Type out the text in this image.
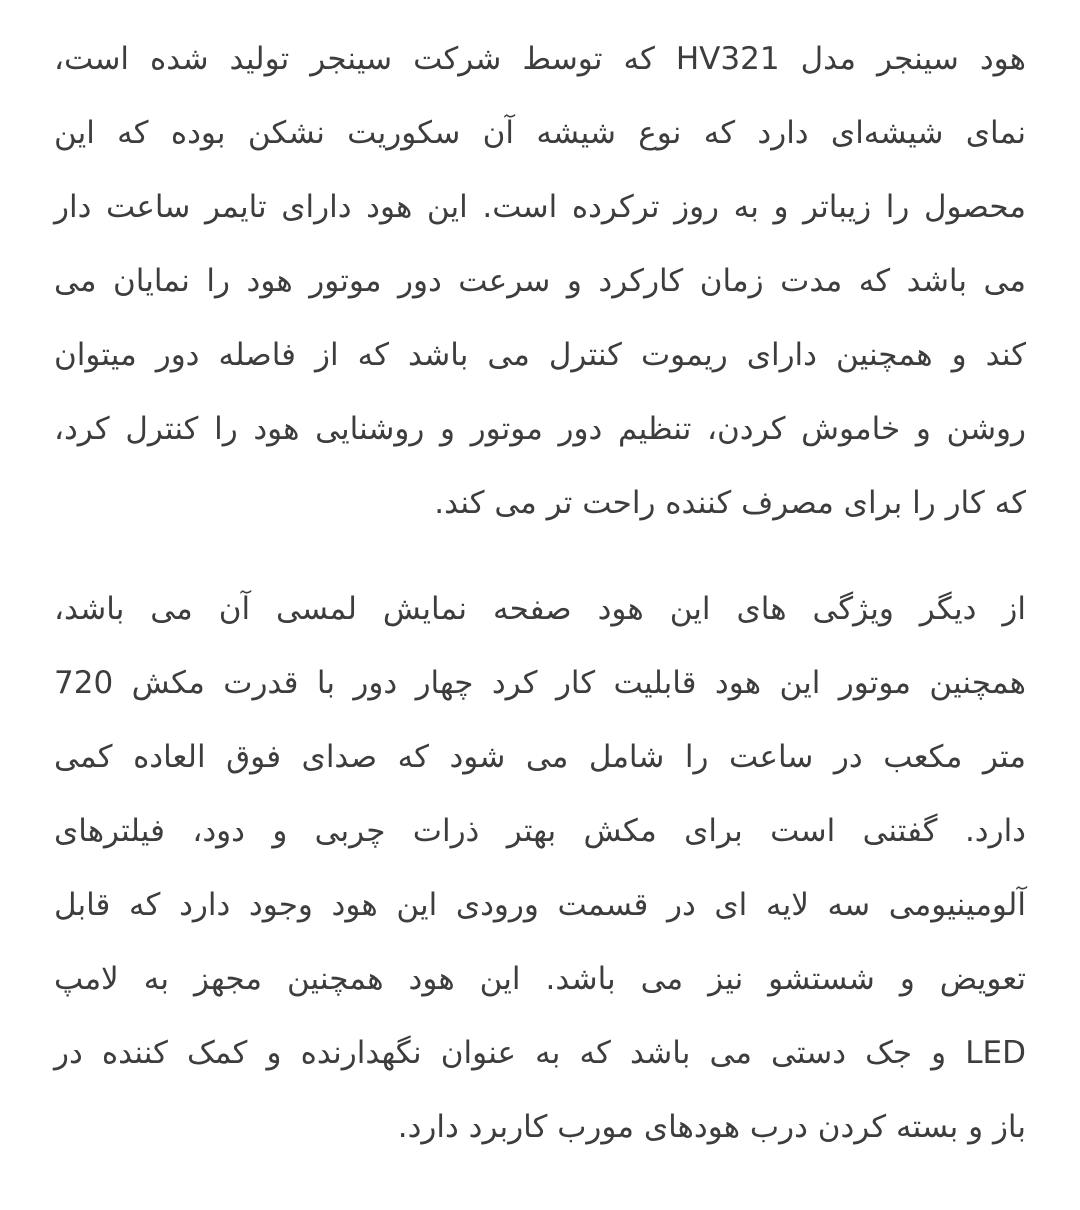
هود سینجر مدل HV321 که توسط شرکت سینجر تولید شده است،
نمای شیشه‌ای دارد که نوع شیشه آن سکوریت نشکن بوده که این
محصول را زیباتر و به روز ترکرده است. این هود دارای تایمر ساعت دار
می باشد که مدت زمان کارکرد و سرعت دور موتور هود را نمایان می
کند و همچنین دارای ریموت کنترل می باشد که از فاصله دور میتوان
روشن و خاموش کردن، تنظیم دور موتور و روشنایی هود را کنترل کرد،
که کار را برای مصرف کننده راحت تر می کند.

از دیگر ویژگی های این هود صفحه نمایش لمسی آن می باشد،
همچنین موتور این هود قابلیت کار کرد چهار دور با قدرت مکش 720
متر مکعب در ساعت را شامل می شود که صدای فوق العاده کمی
دارد. گفتنی است برای مکش بهتر ذرات چربی و دود، فیلترهای
آلومینیومی سه لایه ای در قسمت ورودی این هود وجود دارد که قابل
تعویض و شستشو نیز می باشد. این هود همچنین مجهز به لامپ
LED و جک دستی می باشد که به عنوان نگهدارنده و کمک کننده در
باز و بسته کردن درب هودهای مورب کاربرد دارد.
